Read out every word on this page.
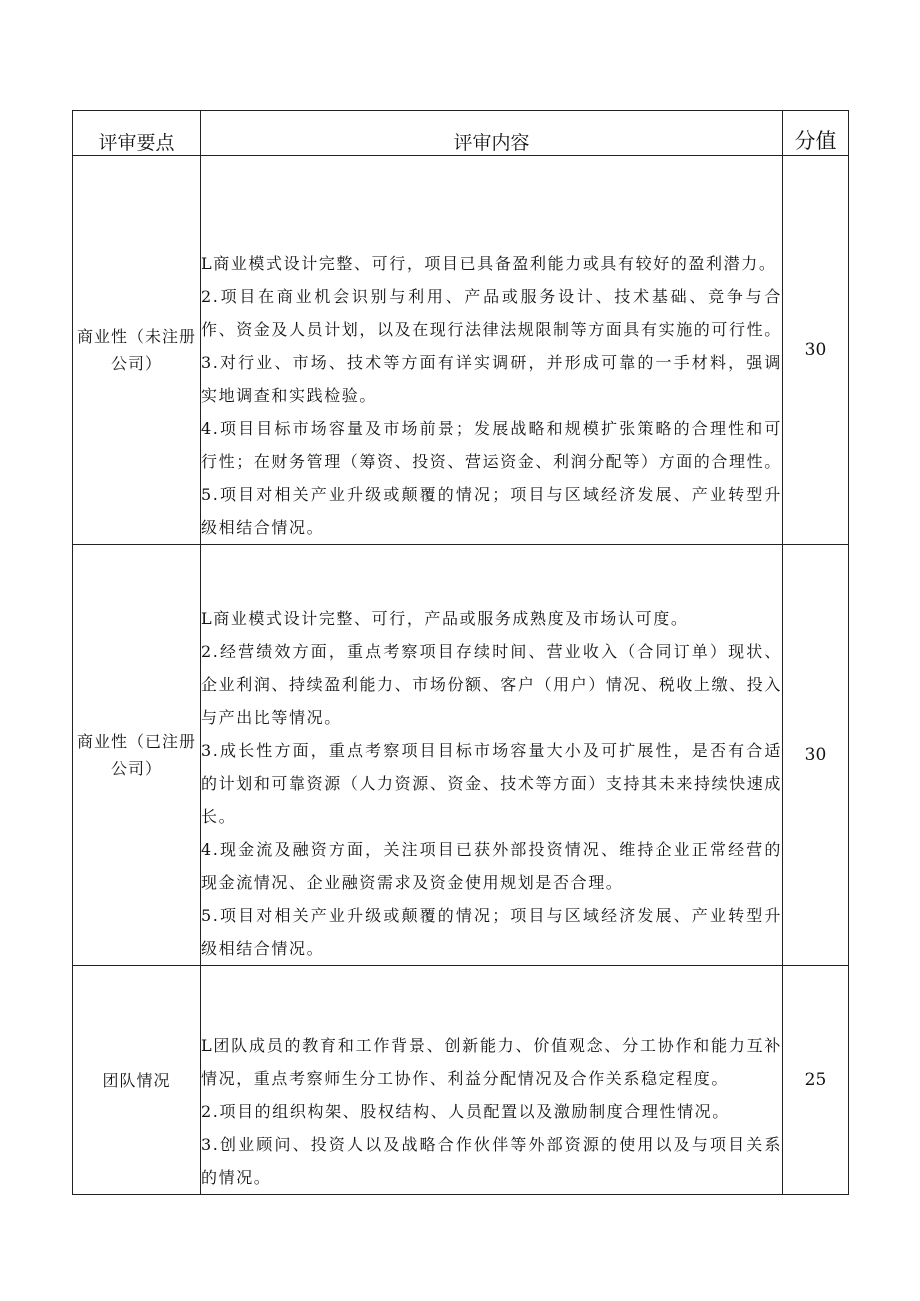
评审要点	评审内容	分值
商业性（未注册公司）	L商业模式设计完整、可行，项目已具备盈利能力或具有较好的盈利潜力。

2.项目在商业机会识别与利用、产品或服务设计、技术基础、竞争与合作、资金及人员计划，以及在现行法律法规限制等方面具有实施的可行性。

3.对行业、市场、技术等方面有详实调研，并形成可靠的一手材料，强调实地调查和实践检验。

4.项目目标市场容量及市场前景；发展战略和规模扩张策略的合理性和可行性；在财务管理（筹资、投资、营运资金、利润分配等）方面的合理性。

5.项目对相关产业升级或颠覆的情况；项目与区域经济发展、产业转型升级相结合情况。	30
商业性（已注册公司）	L商业模式设计完整、可行，产品或服务成熟度及市场认可度。

2.经营绩效方面，重点考察项目存续时间、营业收入（合同订单）现状、企业利润、持续盈利能力、市场份额、客户（用户）情况、税收上缴、投入与产出比等情况。

3.成长性方面，重点考察项目目标市场容量大小及可扩展性，是否有合适的计划和可靠资源（人力资源、资金、技术等方面）支持其未来持续快速成长。

4.现金流及融资方面，关注项目已获外部投资情况、维持企业正常经营的现金流情况、企业融资需求及资金使用规划是否合理。

5.项目对相关产业升级或颠覆的情况；项目与区域经济发展、产业转型升级相结合情况。	30
团队情况	L团队成员的教育和工作背景、创新能力、价值观念、分工协作和能力互补情况，重点考察师生分工协作、利益分配情况及合作关系稳定程度。

2.项目的组织构架、股权结构、人员配置以及激励制度合理性情况。

3.创业顾问、投资人以及战略合作伙伴等外部资源的使用以及与项目关系的情况。	25
